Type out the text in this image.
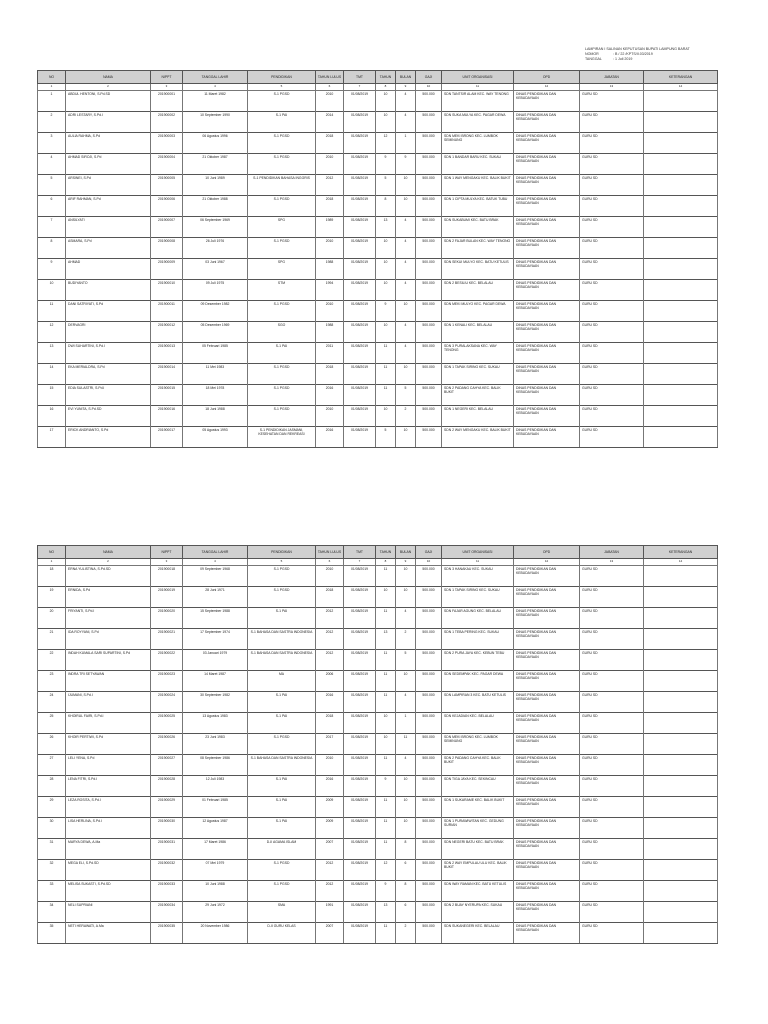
LAMPIRAN I SALINAN KEPUTUSAN BUPATI LAMPUNG BARAT
NOMOR	: B / 22 /KPTS/II.03/2019
TANGGAL	: 1 Juli 2019
NO	NAMA	NIPPT	TANGGAL LAHIR	PENDIDIKAN	TAHUN LULUS	TMT	TAHUN	BULAN	GAJI	UNIT ORGANISASI	OPD	JABATAN	KETERANGAN
1	2	3	4	5	6	7	8	9	10	11	12	13	14
1	ABDUL HENTONI, S.Pd.SD	201900001	11 Maret 1982	S-1 PGSD	2010	01/08/2019	10	4	500.000	SDN TANTSIR ALAM KEC. WAY TENONG	DINAS PENDIDIKAN DAN KEBUDAYAAN	GURU SD	
2	ADRI LESTARY, S.Pd.I	201900002	10 September 1990	S-1 PAI	2014	01/08/2019	10	4	500.000	SDN SUKA MULYA KEC. PAGAR DEWA	DINAS PENDIDIKAN DAN KEBUDAYAAN	GURU SD	
3	AULIA RAHMA, S.Pd	201900003	06 Agustus 1996	S-1 PGSD	2018	01/08/2019	12	1	500.000	SDN MEKI BRONG KEC. LUMBOK SEMINUNG	DINAS PENDIDIKAN DAN KEBUDAYAAN	GURU SD	
4	AHMAD SIROJI, S.Pd	201900004	21 Oktober 1987	S-1 PGSD	2010	01/08/2019	9	9	500.000	SDN 1 BANDAR BARU KEC. SUKAU	DINAS PENDIDIKAN DAN KEBUDAYAAN	GURU SD	
5	ARSINEI, S.Pd	201900005	10 Juni 1989	S-1 PENDIDIKAN BAHASA INGGRIS	2012	01/08/2019	5	10	500.000	SDN 1 WAY MENGAKU KEC. BALIK BUKIT	DINAS PENDIDIKAN DAN KEBUDAYAAN	GURU SD	
6	ARIF RAHMAN, S.Pd	201900006	21 Oktober 1988	S-1 PGSD	2018	01/08/2019	8	10	500.000	SDN 1 CIPTA MULYA KEC. BATUK TUBU	DINAS PENDIDIKAN DAN KEBUDAYAAN	GURU SD	
7	ANSILYATI	201900007	06 September 1969	SPG	1989	01/08/2019	13	4	500.000	SDN SUKABUMI KEC. BATU BRAK	DINAS PENDIDIKAN DAN KEBUDAYAAN	GURU SD	
8	ASMARA, S.Pd	201900008	26 Juli 1976	S-1 PGSD	2010	01/08/2019	10	4	500.000	SDN 2 FAJAR BULAN KEC. WAY TENONG	DINAS PENDIDIKAN DAN KEBUDAYAAN	GURU SD	
9	AHMAD	201900009	03 Juni 1967	SPG	1988	01/08/2019	10	4	500.000	SDN SEKUI MULYO KEC. BATU KETULIS	DINAS PENDIDIKAN DAN KEBUDAYAAN	GURU SD	
10	BUDIYANTO	201900010	09 Juli 1975	STM	1994	01/08/2019	10	4	500.000	SDN 2 BESILIU KEC. BELALAU	DINAS PENDIDIKAN DAN KEBUDAYAAN	GURU SD	
11	DANI SATRIYATI, S.Pd	201900011	09 Desember 1982	S-1 PGSD	2010	01/08/2019	9	10	500.000	SDN MEKI MULYO KEC. PAGAR DEWA	DINAS PENDIDIKAN DAN KEBUDAYAAN	GURU SD	
12	DERVAGRI	201900012	05 Desember 1969	SGO	1988	01/08/2019	10	4	500.000	SDN 1 KENALI KEC. BELALAU	DINAS PENDIDIKAN DAN KEBUDAYAAN	GURU SD	
13	DWI SUHARTINI, S.Pd.I	201900013	05 Februari 1985	S-1 PAI	2011	01/08/2019	11	4	500.000	SDN 3 PURALAKSANA KEC. WAY TENONG	DINAS PENDIDIKAN DAN KEBUDAYAAN	GURU SD	
14	EKA MERIALDRA, S.Pd	201900014	11 Mei 1983	S-1 PGSD	2018	01/08/2019	11	10	500.000	SDN 1 TAPAK SIRING KEC. SUKAU	DINAS PENDIDIKAN DAN KEBUDAYAAN	GURU SD	
15	EDIA SULASTRI, S.Pd.I	201900015	18 Mei 1978	S-1 PGSD	2016	01/08/2019	11	5	500.000	SDN 2 PADANG CAHYA KEC. BALIK BUKIT	DINAS PENDIDIKAN DAN KEBUDAYAAN	GURU SD	
16	EVI YUNITA, S.Pd.SD	201900016	18 Juni 1988	S-1 PGSD	2010	01/08/2019	10	2	500.000	SDN 1 NEGERI KEC. BELALAU	DINAS PENDIDIKAN DAN KEBUDAYAAN	GURU SD	
17	ERICK ANDRIANTO, S.Pd	201900017	05 Agustus 1993	S-1 PENDIDIKAN JASMANI, KESEHATAN DAN REKREASI	2016	01/08/2019	5	10	500.000	SDN 2 WAY MENGAKU KEC. BALIK BUKIT	DINAS PENDIDIKAN DAN KEBUDAYAAN	GURU SD	
NO	NAMA	NIPPT	TANGGAL LAHIR	PENDIDIKAN	TAHUN LULUS	TMT	TAHUN	BULAN	GAJI	UNIT ORGANISASI	OPD	JABATAN	KETERANGAN
1	2	3	4	5	6	7	8	9	10	11	12	13	14
18	ERNA YULISTINA, S.Pd.SD	201900018	09 September 1968	S-1 PGSD	2010	01/08/2019	11	10	500.000	SDN 3 HANAKAU KEC. SUKAU	DINAS PENDIDIKAN DAN KEBUDAYAAN	GURU SD	
19	ERNIDA, S.Pd	201900019	28 Juni 1971	S-1 PGSD	2018	01/08/2019	10	10	500.000	SDN 1 TAPAK SIRING KEC. SUKAU	DINAS PENDIDIKAN DAN KEBUDAYAAN	GURU SD	
20	FRIYANTI, S.Pd.I	201900020	15 September 1988	S-1 PAI	2012	01/08/2019	11	4	500.000	SDN FAJAR AGUNG KEC. BELALAU	DINAS PENDIDIKAN DAN KEBUDAYAAN	GURU SD	
21	IDA ROYYANI, S.Pd	201900021	17 September 1974	S-1 BAHASA DAN SASTRA INDONESIA	2012	01/08/2019	13	2	500.000	SDN 1 TEBA PERING KEC. SUKAU	DINAS PENDIDIKAN DAN KEBUDAYAAN	GURU SD	
22	INDAH KUMALA SARI SUPARTINI, S.Pd	201900022	03 Januari 1979	S-1 BAHASA DAN SASTRA INDONESIA	2012	01/08/2019	11	5	500.000	SDN 2 PURA JAYA KEC. KEBUN TEBU	DINAS PENDIDIKAN DAN KEBUDAYAAN	GURU SD	
23	INDRA TRI SETYAWAN	201900023	14 Maret 1987	MA	2006	01/08/2019	11	10	500.000	SDN SEDEMPAK KEC. PAGAR DEWA	DINAS PENDIDIKAN DAN KEBUDAYAAN	GURU SD	
24	IJUMANI, S.Pd.I	201900024	30 September 1982	S-1 PAI	2016	01/08/2019	11	4	500.000	SDN LAMPIRAN 3 KEC. BATU KETULIS	DINAS PENDIDIKAN DAN KEBUDAYAAN	GURU SD	
25	KHOIRUL FAIRI, S.Pd.I	201900025	13 Agustus 1983	S-1 PAI	2018	01/08/2019	10	1	500.000	SDN KEJADIAN KEC. BELALAU	DINAS PENDIDIKAN DAN KEBUDAYAAN	GURU SD	
26	KHOIR PERTIWI, S.Pd	201900026	23 Juni 1983	S-1 PGSD	2017	01/08/2019	10	11	500.000	SDN MEKI BRONG KEC. LUMBOK SEMINUNG	DINAS PENDIDIKAN DAN KEBUDAYAAN	GURU SD	
27	LELI YENA, S.Pd	201900027	08 September 1986	S-1 BAHASA DAN SASTRA INDONESIA	2010	01/08/2019	11	4	500.000	SDN 2 PADANG CAHYA KEC. BALIK BUKIT	DINAS PENDIDIKAN DAN KEBUDAYAAN	GURU SD	
28	LENA FITRI, S.Pd.I	201900028	12 Juli 1983	S-1 PAI	2016	01/08/2019	9	10	500.000	SDN TIGA JAYA KEC. SEKINCAU	DINAS PENDIDIKAN DAN KEBUDAYAAN	GURU SD	
29	LEZA ROSITA, S.Pd.I	201900029	01 Februari 1985	S-1 PAI	2009	01/08/2019	11	10	500.000	SDN 1 SUKARAME KEC. BALIK BUKIT	DINAS PENDIDIKAN DAN KEBUDAYAAN	GURU SD	
30	LISA HERLINA, S.Pd.I	201900030	12 Agustus 1987	S-1 PAI	2009	01/08/2019	11	10	500.000	SDN 1 PURAWIWITAN KEC. GEDUNG SURIAN	DINAS PENDIDIKAN DAN KEBUDAYAAN	GURU SD	
31	MARYA DEWA, A.Ma	201900031	17 Maret 1986	D-II AGAMA ISLAM	2007	01/08/2019	11	8	500.000	SDN NEGERI BATU KEC. BATU BRAK	DINAS PENDIDIKAN DAN KEBUDAYAAN	GURU SD	
32	MEGA ELI, S.Pd.SD	201900032	07 Mei 1979	S-1 PGSD	2012	01/08/2019	12	6	500.000	SDN 2 WAY EMPULAU ULU KEC. BALIK BUKIT	DINAS PENDIDIKAN DAN KEBUDAYAAN	GURU SD	
33	MELISA SUKASTI, S.Pd.SD	201900033	10 Juni 1988	S-1 PGSD	2012	01/08/2019	9	8	500.000	SDN WAY RAMAN KEC. BATU KETULIS	DINAS PENDIDIKAN DAN KEBUDAYAAN	GURU SD	
34	NELI SUPRIANI	201900034	29 Juni 1972	SMA	1991	01/08/2019	13	6	500.000	SDN 2 BUAY NYERUPA KEC. SUKAU	DINAS PENDIDIKAN DAN KEBUDAYAAN	GURU SD	
35	NETI HERAWATI, A.Ma	201900035	20 November 1986	D-II GURU KELAS	2007	01/08/2019	11	2	500.000	SDN SUKANEGERI KEC. BELALAU	DINAS PENDIDIKAN DAN KEBUDAYAAN	GURU SD	
